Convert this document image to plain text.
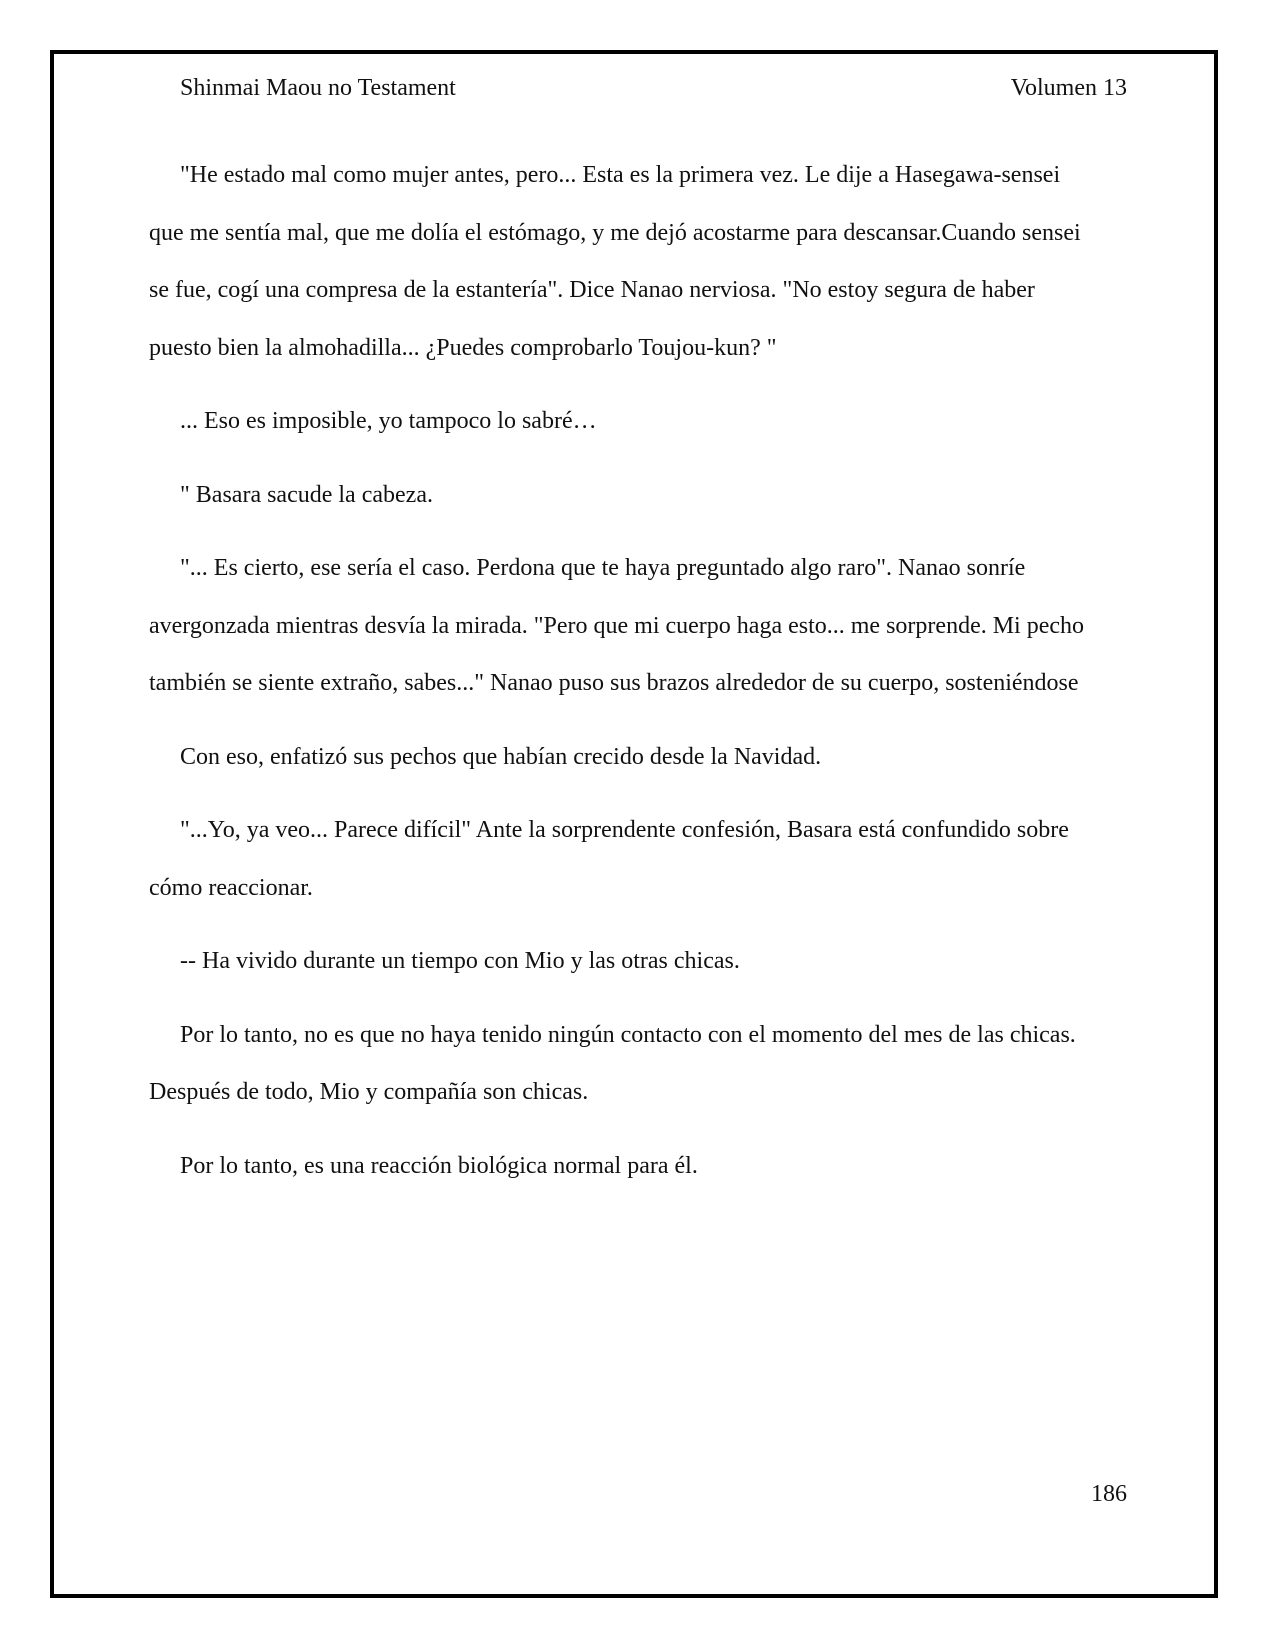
Shinmai Maou no Testament	Volumen 13

"He estado mal como mujer antes, pero... Esta es la primera vez. Le dije a Hasegawa-sensei
que me sentía mal, que me dolía el estómago, y me dejó acostarme para descansar.Cuando sensei
se fue, cogí una compresa de la estantería". Dice Nanao nerviosa. "No estoy segura de haber
puesto bien la almohadilla... ¿Puedes comprobarlo Toujou-kun? "

... Eso es imposible, yo tampoco lo sabré…

" Basara sacude la cabeza.

"... Es cierto, ese sería el caso. Perdona que te haya preguntado algo raro". Nanao sonríe
avergonzada mientras desvía la mirada. "Pero que mi cuerpo haga esto... me sorprende. Mi pecho
también se siente extraño, sabes..." Nanao puso sus brazos alrededor de su cuerpo, sosteniéndose

Con eso, enfatizó sus pechos que habían crecido desde la Navidad.

"...Yo, ya veo... Parece difícil" Ante la sorprendente confesión, Basara está confundido sobre
cómo reaccionar.

-- Ha vivido durante un tiempo con Mio y las otras chicas.

Por lo tanto, no es que no haya tenido ningún contacto con el momento del mes de las chicas.
Después de todo, Mio y compañía son chicas.

Por lo tanto, es una reacción biológica normal para él.

186
